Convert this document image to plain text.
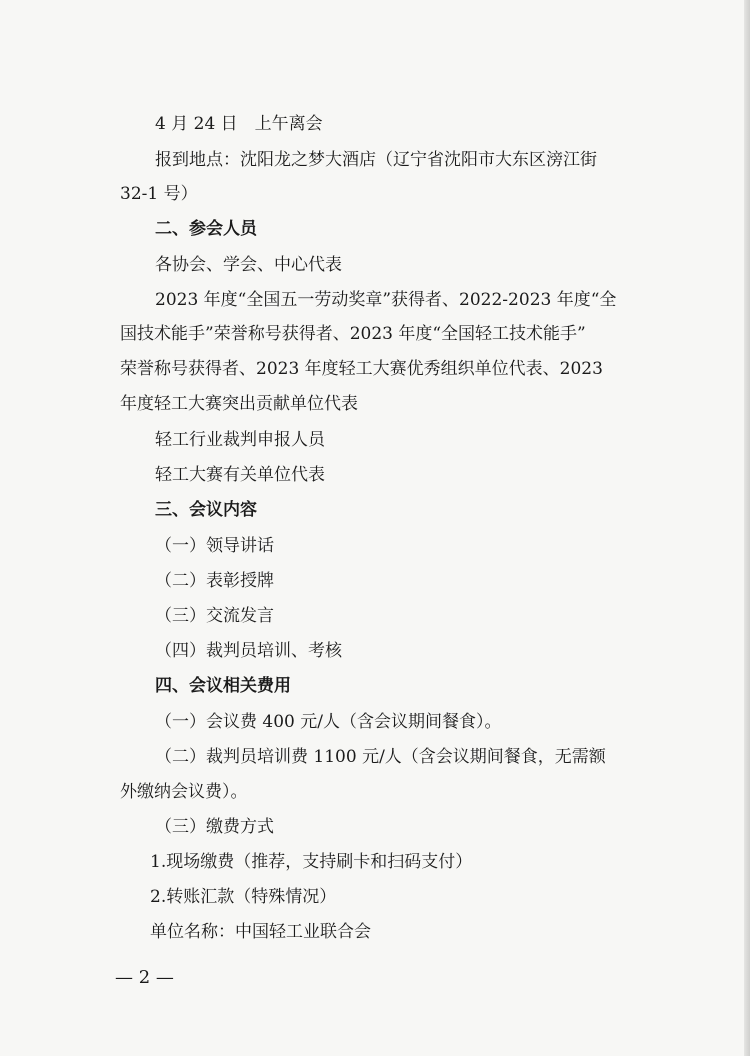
4 月 24 日　上午离会
报到地点：沈阳龙之梦大酒店（辽宁省沈阳市大东区滂江街
32-1 号）
二、参会人员
各协会、学会、中心代表
2023 年度“全国五一劳动奖章”获得者、2022-2023 年度“全
国技术能手”荣誉称号获得者、2023 年度“全国轻工技术能手”
荣誉称号获得者、2023 年度轻工大赛优秀组织单位代表、2023
年度轻工大赛突出贡献单位代表
轻工行业裁判申报人员
轻工大赛有关单位代表
三、会议内容
（一）领导讲话
（二）表彰授牌
（三）交流发言
（四）裁判员培训、考核
四、会议相关费用
（一）会议费 400 元/人（含会议期间餐食）。
（二）裁判员培训费 1100 元/人（含会议期间餐食，无需额
外缴纳会议费）。
（三）缴费方式
1.现场缴费（推荐，支持刷卡和扫码支付）
2.转账汇款（特殊情况）
单位名称：中国轻工业联合会
— 2 —
